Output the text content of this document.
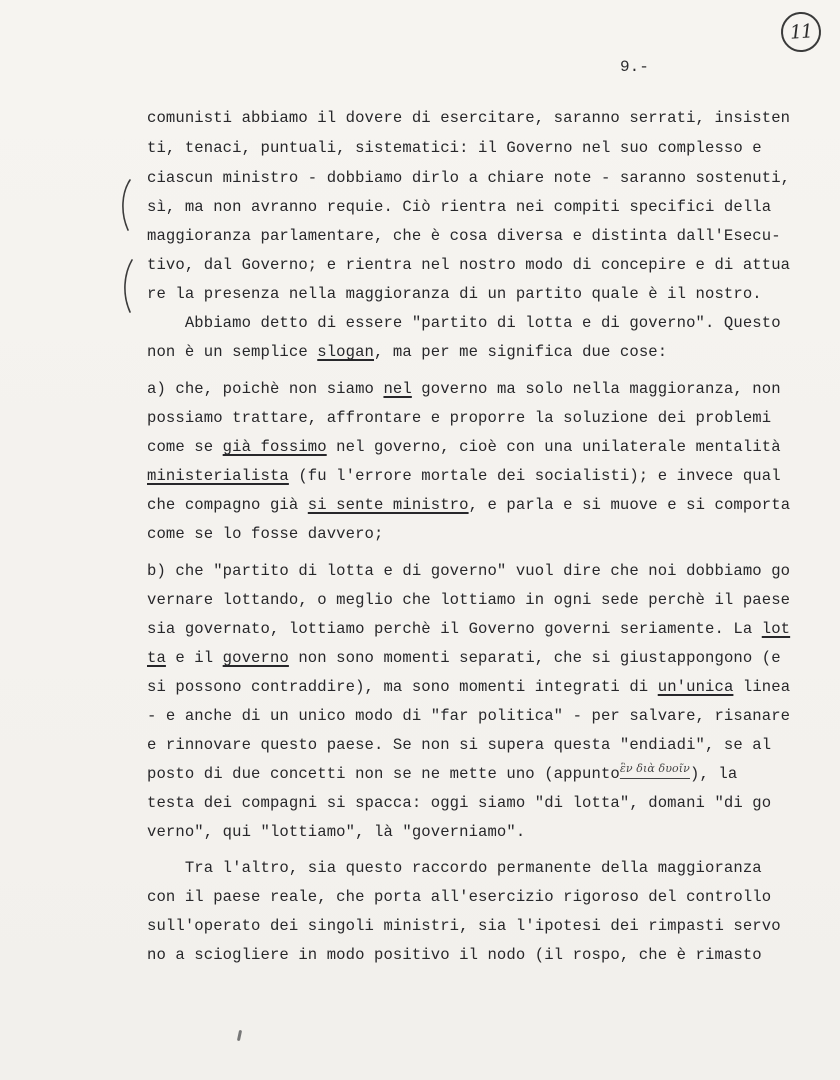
11
9.-
comunisti abbiamo il dovere di esercitare, saranno serrati, insisten
ti, tenaci, puntuali, sistematici: il Governo nel suo complesso e
ciascun ministro - dobbiamo dirlo a chiare note - saranno sostenuti,
sì, ma non avranno requie. Ciò rientra nei compiti specifici della
maggioranza parlamentare, che è cosa diversa e distinta dall'Esecu-
tivo, dal Governo; e rientra nel nostro modo di concepire e di attua
re la presenza nella maggioranza di un partito quale è il nostro.
Abbiamo detto di essere "partito di lotta e di governo". Questo
non è un semplice slogan, ma per me significa due cose:
a) che, poichè non siamo nel governo ma solo nella maggioranza, non
possiamo trattare, affrontare e proporre la soluzione dei problemi
come se già fossimo nel governo, cioè con una unilaterale mentalità
ministerialista (fu l'errore mortale dei socialisti); e invece qual
che compagno già si sente ministro, e parla e si muove e si comporta
come se lo fosse davvero;
b) che "partito di lotta e di governo" vuol dire che noi dobbiamo go
vernare lottando, o meglio che lottiamo in ogni sede perchè il paese
sia governato, lottiamo perchè il Governo governi seriamente. La lot
ta e il governo non sono momenti separati, che si giustappongono (e
si possono contraddire), ma sono momenti integrati di un'unica linea
- e anche di un unico modo di "far politica" - per salvare, risanare
e rinnovare questo paese. Se non si supera questa "endiadi", se al
posto di due concetti non se ne mette uno (appunto$^{ἓ\nu \delta\iota ὰ \delta\upsilon oῖ\nu}$), la
testa dei compagni si spacca: oggi siamo "di lotta", domani "di go
verno", qui "lottiamo", là "governiamo".
Tra l'altro, sia questo raccordo permanente della maggioranza
con il paese reale, che porta all'esercizio rigoroso del controllo
sull'operato dei singoli ministri, sia l'ipotesi dei rimpasti servo
no a sciogliere in modo positivo il nodo (il rospo, che è rimasto
